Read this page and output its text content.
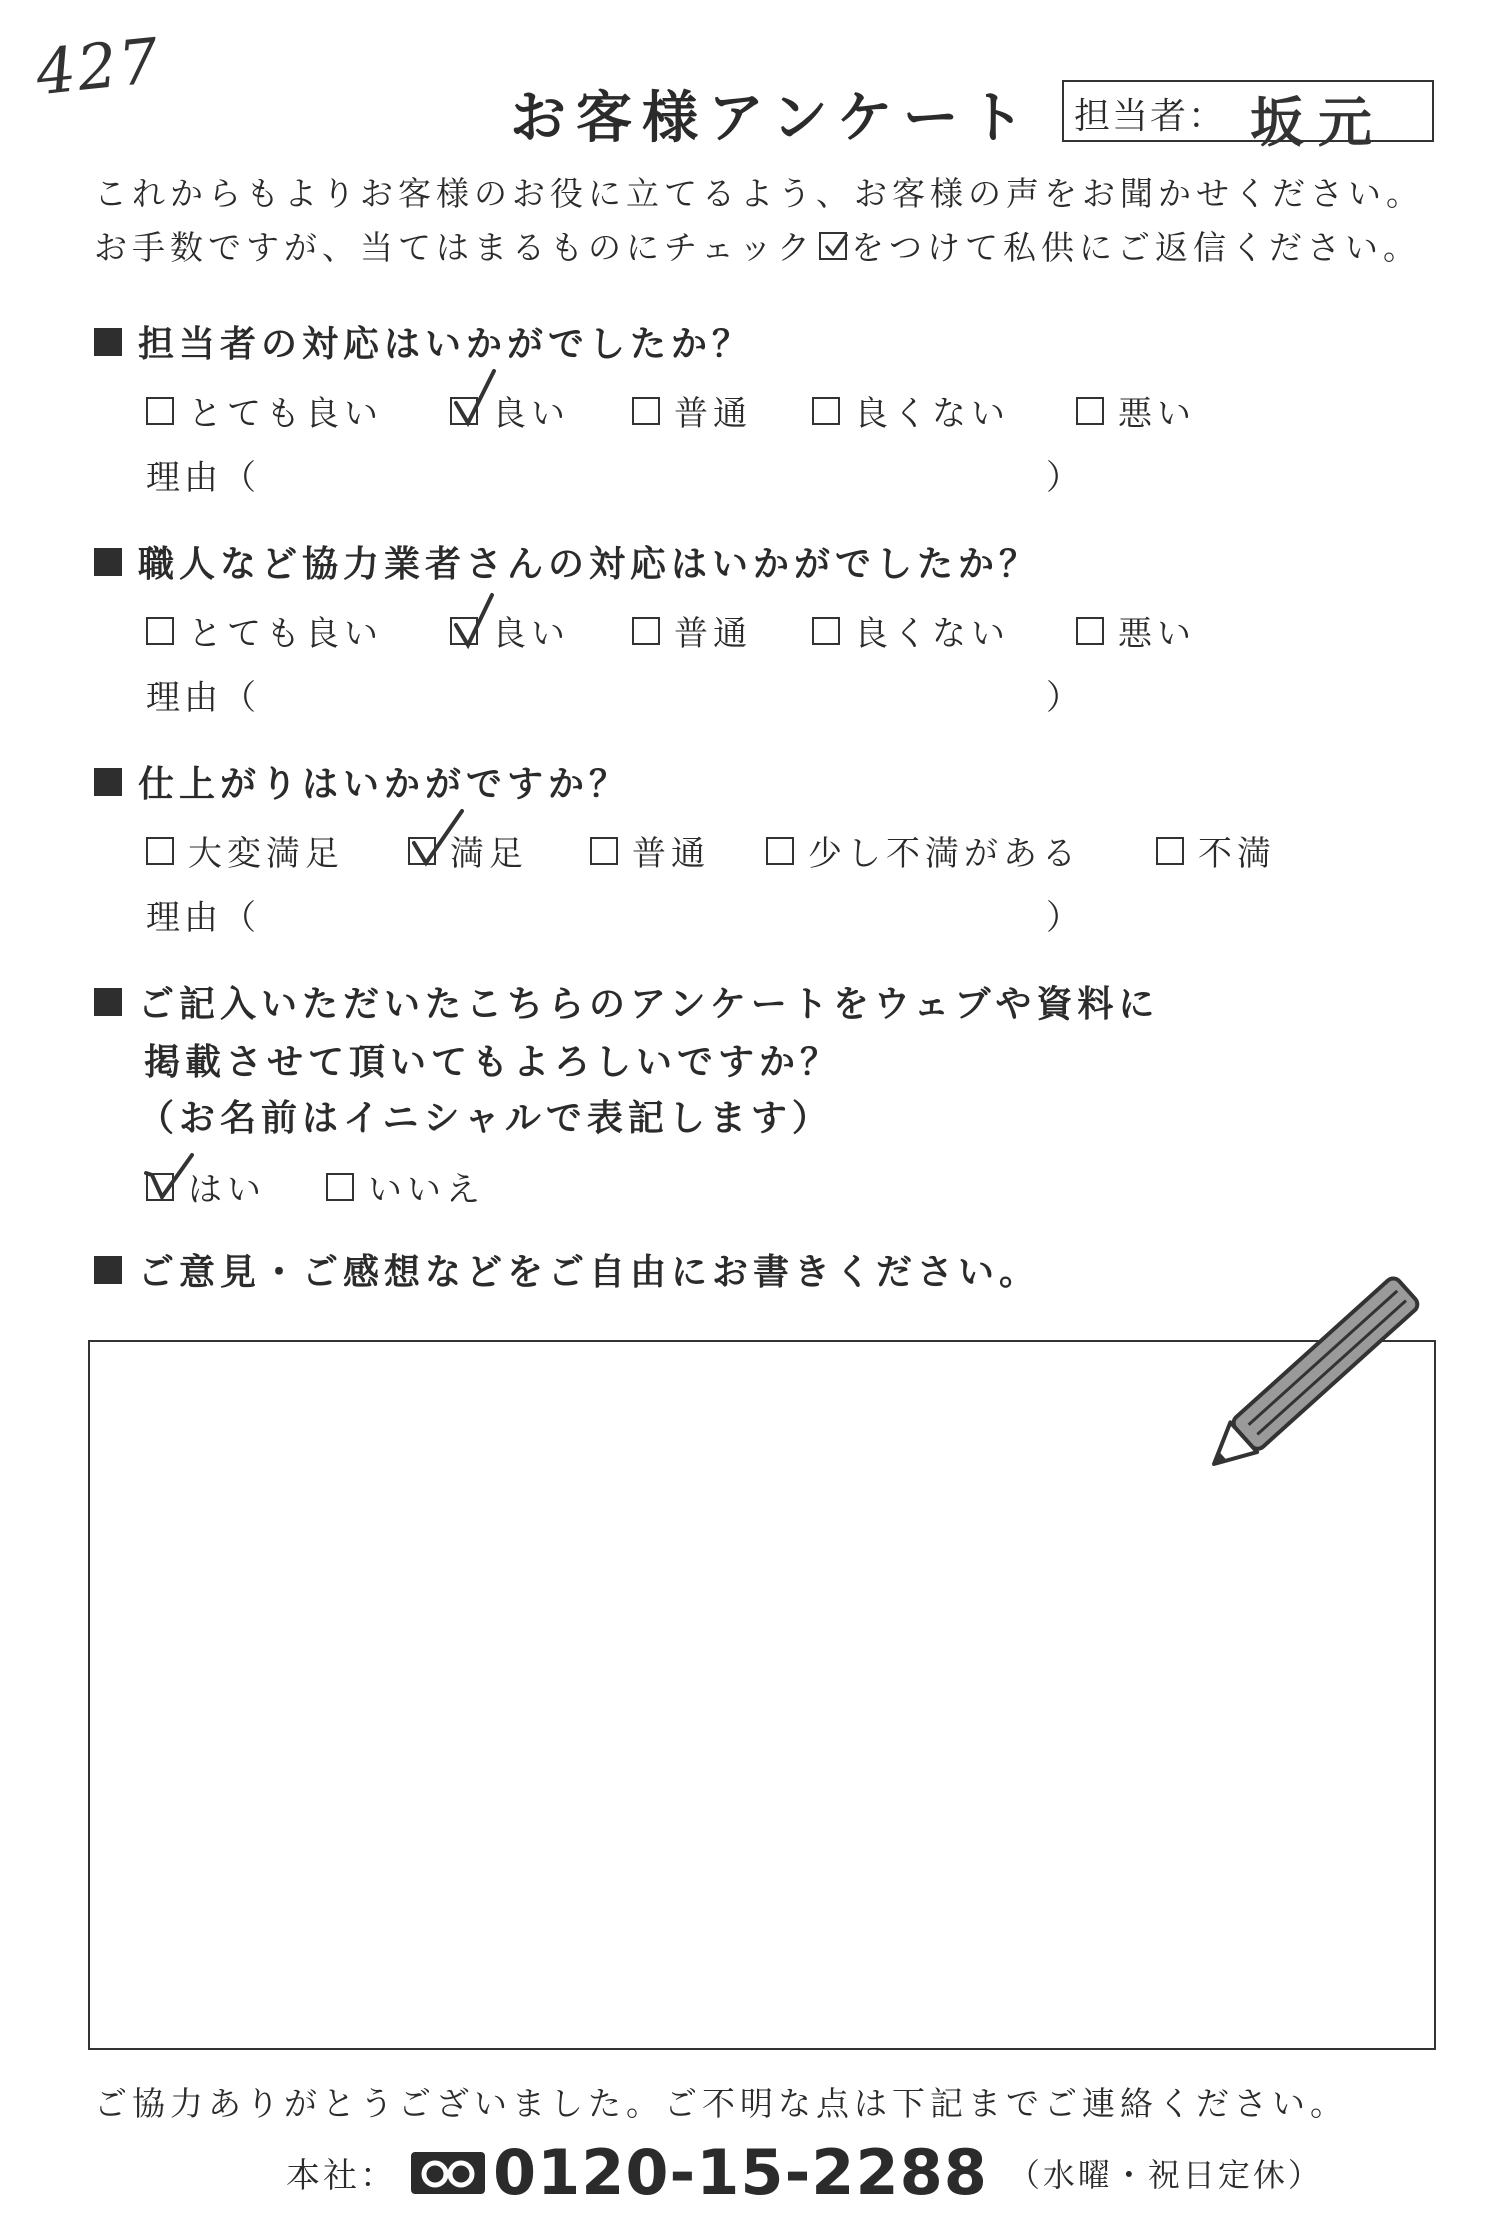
427
お客様アンケート 担当者： 坂元
これからもよりお客様のお役に立てるよう、お客様の声をお聞かせください。
お手数ですが、当てはまるものにチェック をつけて私供にご返信ください。
担当者の対応はいかがでしたか？
とても良い	良い	普通	良くない	悪い
理由（	）
職人など協力業者さんの対応はいかがでしたか？
とても良い	良い	普通	良くない	悪い
理由（	）
仕上がりはいかがですか？
大変満足	満足	普通	少し不満がある	不満
理由（	）
ご記入いただいたこちらのアンケートをウェブや資料に
掲載させて頂いてもよろしいですか？
（お名前はイニシャルで表記します）
はい	いいえ
ご意見・ご感想などをご自由にお書きください。
ご協力ありがとうございました。ご不明な点は下記までご連絡ください。
本社： 0120-15-2288 （水曜・祝日定休）
